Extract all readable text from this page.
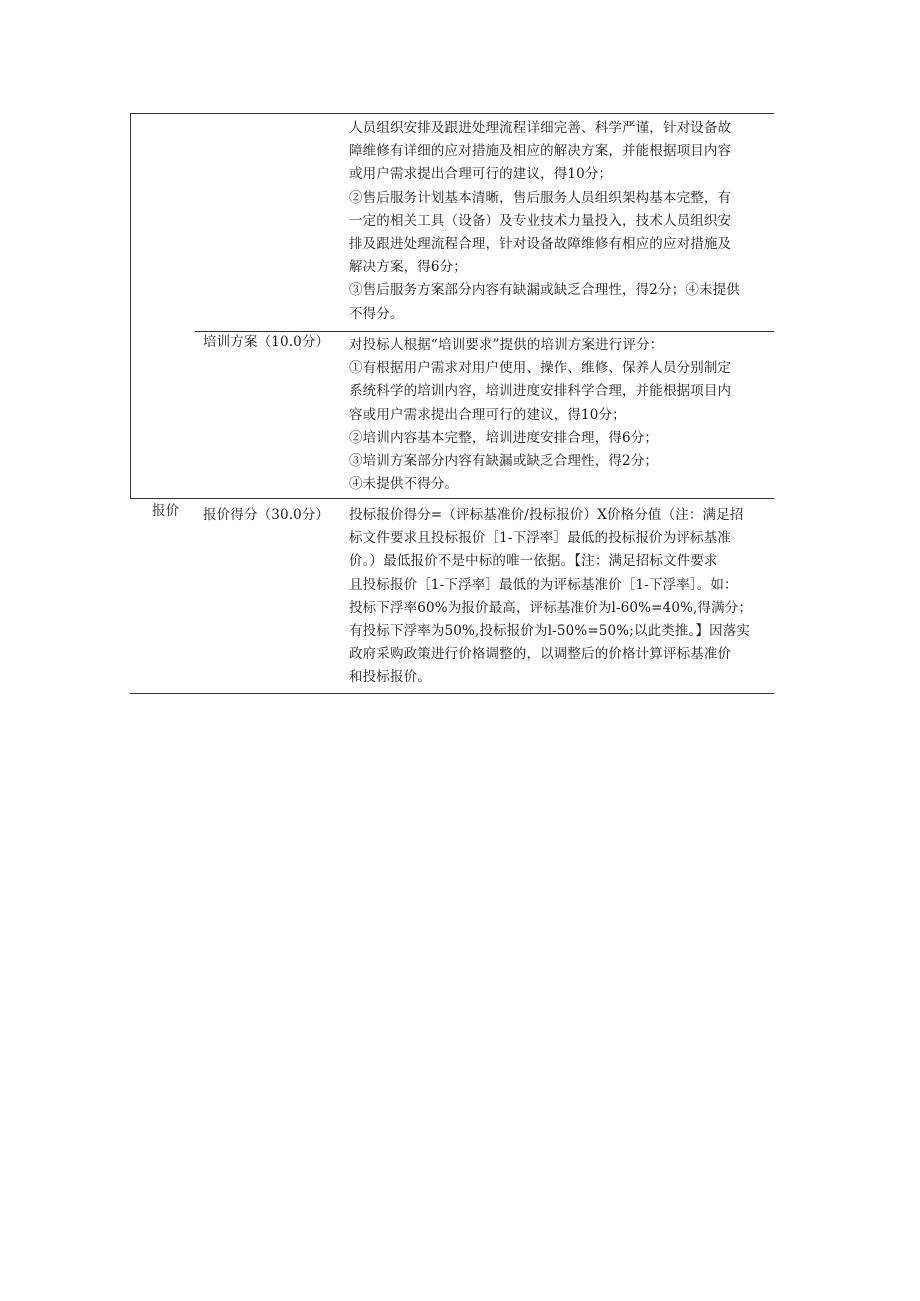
人员组织安排及跟进处理流程详细完善、科学严谨，针对设备故
障维修有详细的应对措施及相应的解决方案，并能根据项目内容
或用户需求提出合理可行的建议，得10分；
②售后服务计划基本清晰，售后服务人员组织架构基本完整，有
一定的相关工具（设备）及专业技术力量投入，技术人员组织安
排及跟进处理流程合理，针对设备故障维修有相应的应对措施及
解决方案，得6分；
③售后服务方案部分内容有缺漏或缺乏合理性，得2分；④未提供
不得分。
培训方案（10.0分） 对投标人根据“培训要求”提供的培训方案进行评分：
①有根据用户需求对用户使用、操作、维修、保养人员分别制定
系统科学的培训内容，培训进度安排科学合理，并能根据项目内
容或用户需求提出合理可行的建议，得10分；
②培训内容基本完整，培训进度安排合理，得6分；
③培训方案部分内容有缺漏或缺乏合理性，得2分；
④未提供不得分。
报价 报价得分（30.0分） 投标报价得分=（评标基准价/投标报价）X价格分值（注：满足招
标文件要求且投标报价［1-下浮率］最低的投标报价为评标基准
价。）最低报价不是中标的唯一依据。【注：满足招标文件要求
且投标报价［1-下浮率］最低的为评标基准价［1-下浮率］。如：
投标下浮率60%为报价最高，评标基准价为l-60%=40%,得满分；
有投标下浮率为50%,投标报价为l-50%=50%;以此类推。】因落实
政府采购政策进行价格调整的，以调整后的价格计算评标基准价
和投标报价。
